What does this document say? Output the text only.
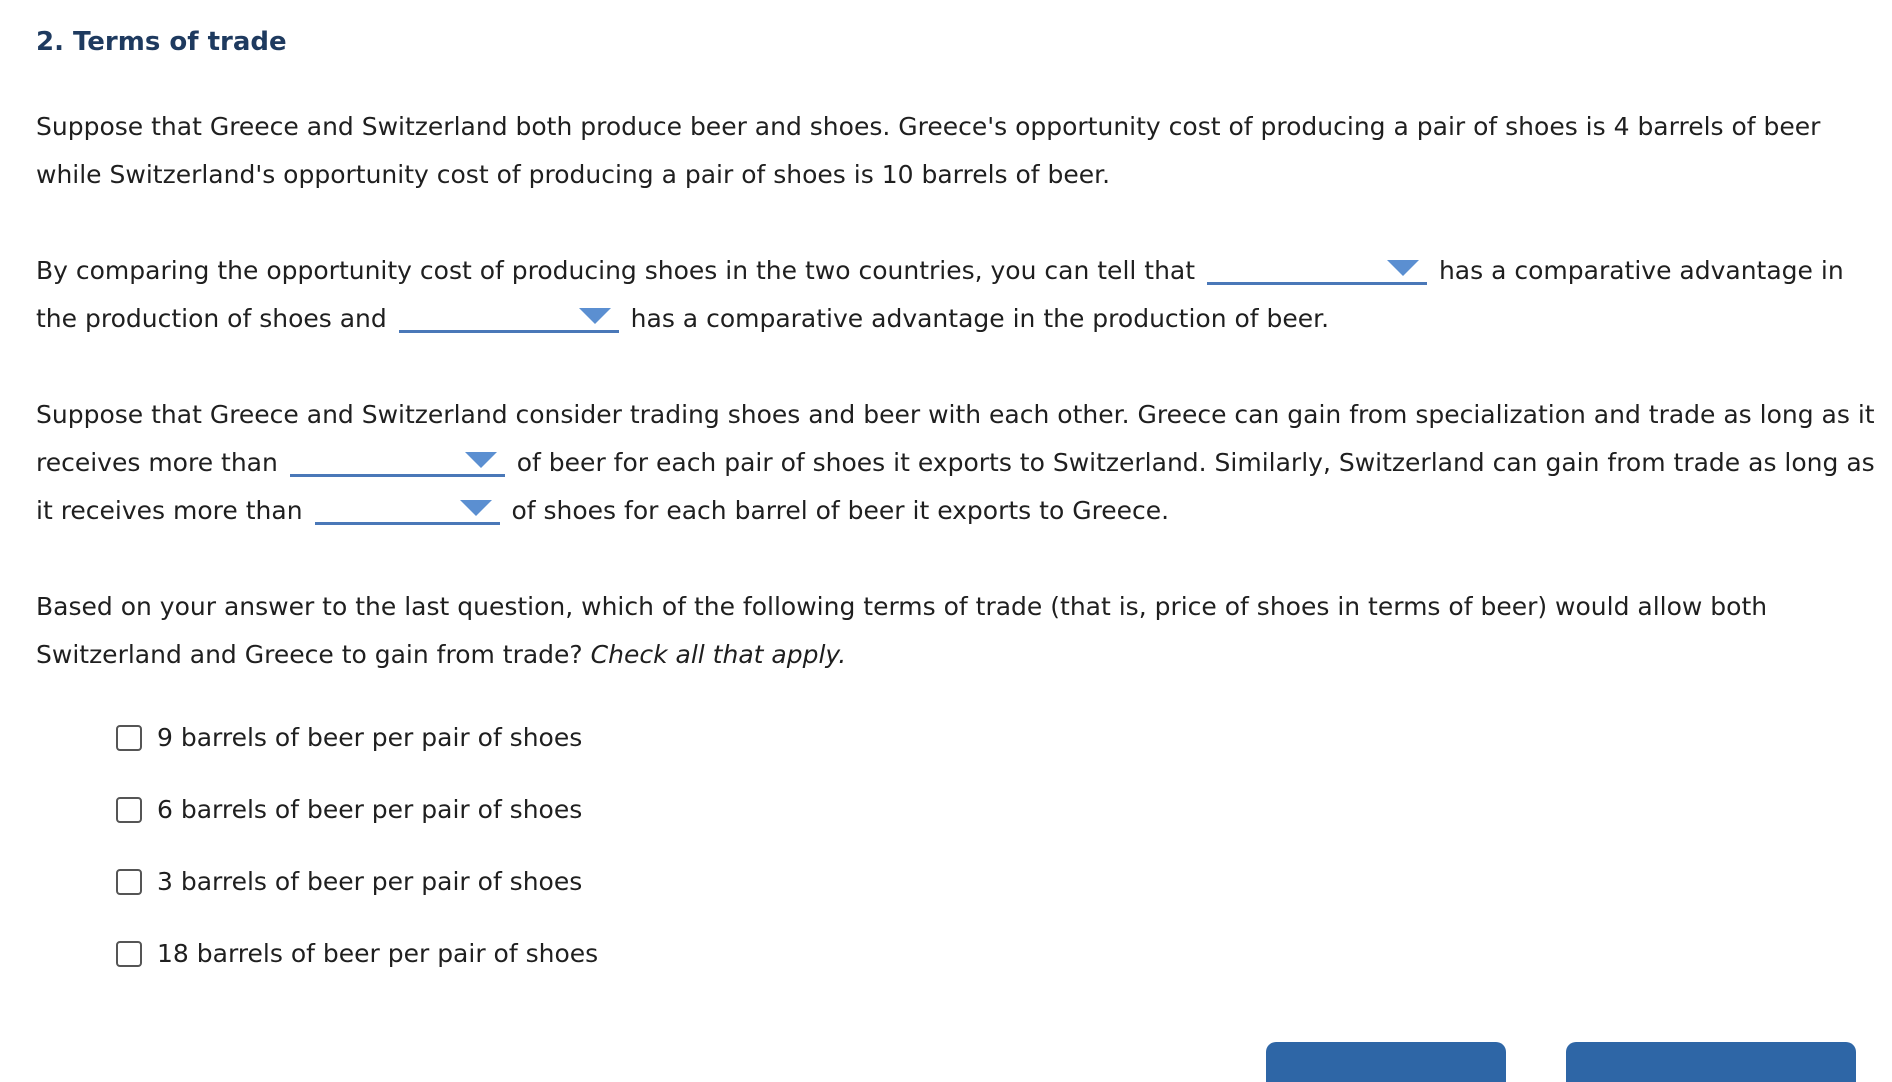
2. Terms of trade
Suppose that Greece and Switzerland both produce beer and shoes. Greece's opportunity cost of producing a pair of shoes is 4 barrels of beer while Switzerland's opportunity cost of producing a pair of shoes is 10 barrels of beer.
By comparing the opportunity cost of producing shoes in the two countries, you can tell that	has a comparative advantage in the production of shoes and	has a comparative advantage in the production of beer.
Suppose that Greece and Switzerland consider trading shoes and beer with each other. Greece can gain from specialization and trade as long as it receives more than	of beer for each pair of shoes it exports to Switzerland. Similarly, Switzerland can gain from trade as long as it receives more than	of shoes for each barrel of beer it exports to Greece.
Based on your answer to the last question, which of the following terms of trade (that is, price of shoes in terms of beer) would allow both Switzerland and Greece to gain from trade? Check all that apply.
9 barrels of beer per pair of shoes
6 barrels of beer per pair of shoes
3 barrels of beer per pair of shoes
18 barrels of beer per pair of shoes
